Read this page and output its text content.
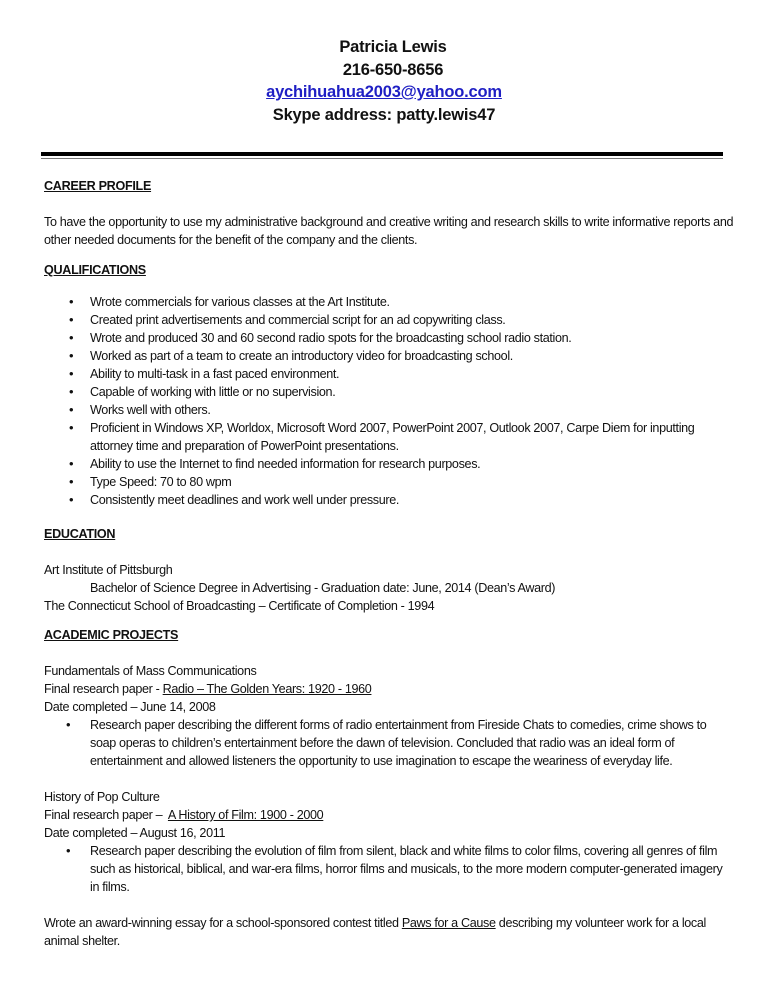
Patricia Lewis
216-650-8656
aychihuahua2003@yahoo.com
Skype address: patty.lewis47

CAREER PROFILE

To have the opportunity to use my administrative background and creative writing and research skills to write informative reports and other needed documents for the benefit of the company and the clients.

QUALIFICATIONS

• Wrote commercials for various classes at the Art Institute.
• Created print advertisements and commercial script for an ad copywriting class.
• Wrote and produced 30 and 60 second radio spots for the broadcasting school radio station.
• Worked as part of a team to create an introductory video for broadcasting school.
• Ability to multi-task in a fast paced environment.
• Capable of working with little or no supervision.
• Works well with others.
• Proficient in Windows XP, Worldox, Microsoft Word 2007, PowerPoint 2007, Outlook 2007, Carpe Diem for inputting attorney time and preparation of PowerPoint presentations.
• Ability to use the Internet to find needed information for research purposes.
• Type Speed: 70 to 80 wpm
• Consistently meet deadlines and work well under pressure.

EDUCATION

Art Institute of Pittsburgh

Bachelor of Science Degree in Advertising - Graduation date: June, 2014 (Dean’s Award)

The Connecticut School of Broadcasting – Certificate of Completion - 1994

ACADEMIC PROJECTS

Fundamentals of Mass Communications

Final research paper - Radio – The Golden Years: 1920 - 1960

Date completed – June 14, 2008

• Research paper describing the different forms of radio entertainment from Fireside Chats to comedies, crime shows to soap operas to children’s entertainment before the dawn of television. Concluded that radio was an ideal form of entertainment and allowed listeners the opportunity to use imagination to escape the weariness of everyday life.

History of Pop Culture

Final research paper –  A History of Film: 1900 - 2000

Date completed – August 16, 2011

• Research paper describing the evolution of film from silent, black and white films to color films, covering all genres of film such as historical, biblical, and war-era films, horror films and musicals, to the more modern computer-generated imagery in films.

Wrote an award-winning essay for a school-sponsored contest titled Paws for a Cause describing my volunteer work for a local animal shelter.
